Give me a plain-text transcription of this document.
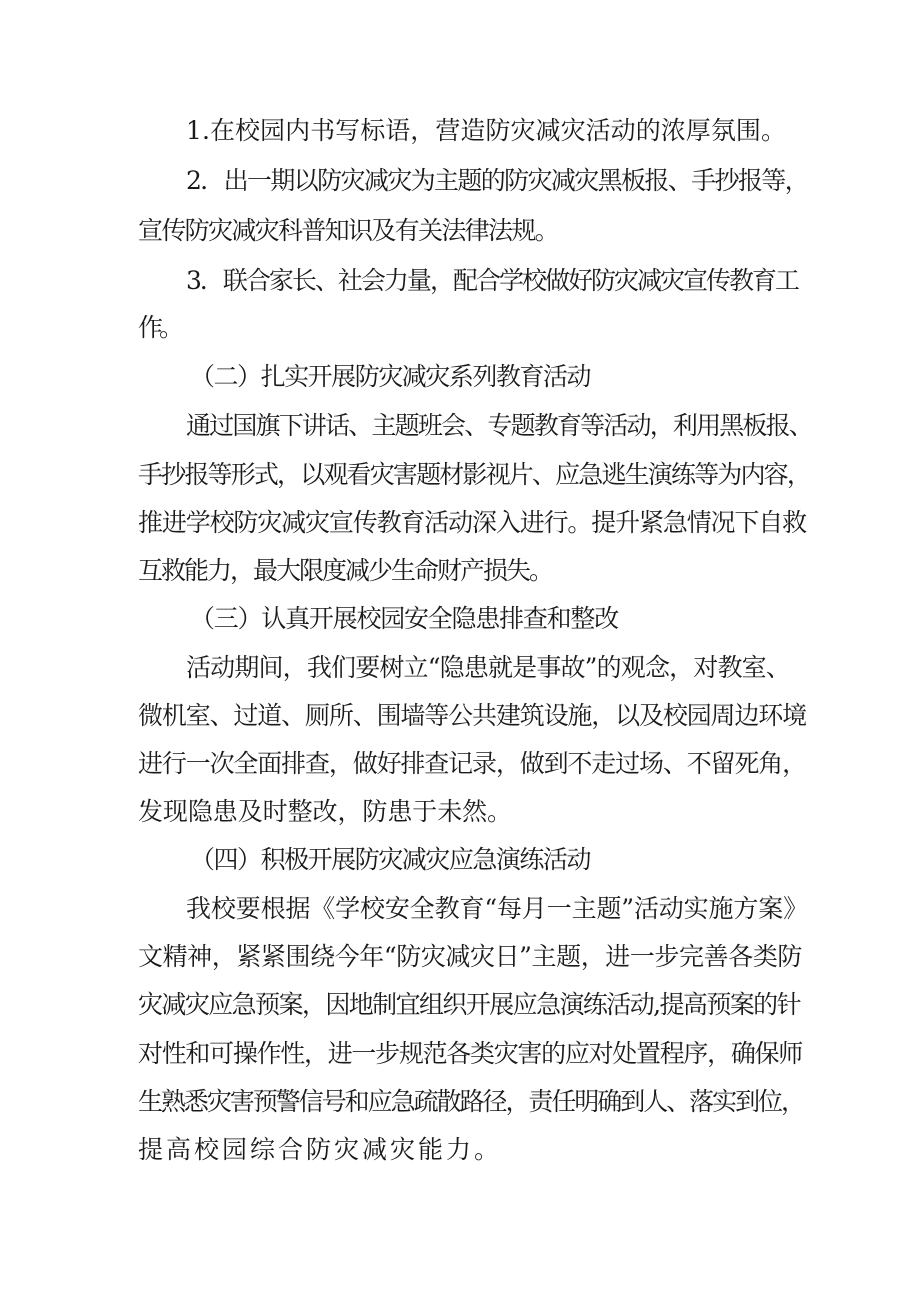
1.在校园内书写标语，营造防灾减灾活动的浓厚氛围。
2．出一期以防灾减灾为主题的防灾减灾黑板报、手抄报等，
宣传防灾减灾科普知识及有关法律法规。
3．联合家长、社会力量，配合学校做好防灾减灾宣传教育工
作。
（二）扎实开展防灾减灾系列教育活动
通过国旗下讲话、主题班会、专题教育等活动，利用黑板报、
手抄报等形式，以观看灾害题材影视片、应急逃生演练等为内容，
推进学校防灾减灾宣传教育活动深入进行。提升紧急情况下自救
互救能力，最大限度减少生命财产损失。
（三）认真开展校园安全隐患排查和整改
活动期间，我们要树立“隐患就是事故”的观念，对教室、
微机室、过道、厕所、围墙等公共建筑设施，以及校园周边环境
进行一次全面排查，做好排查记录，做到不走过场、不留死角，
发现隐患及时整改，防患于未然。
（四）积极开展防灾减灾应急演练活动
我校要根据《学校安全教育“每月一主题”活动实施方案》
文精神，紧紧围绕今年“防灾减灾日”主题，进一步完善各类防
灾减灾应急预案，因地制宜组织开展应急演练活动,提高预案的针
对性和可操作性，进一步规范各类灾害的应对处置程序，确保师
生熟悉灾害预警信号和应急疏散路径，责任明确到人、落实到位，
提高校园综合防灾减灾能力。
